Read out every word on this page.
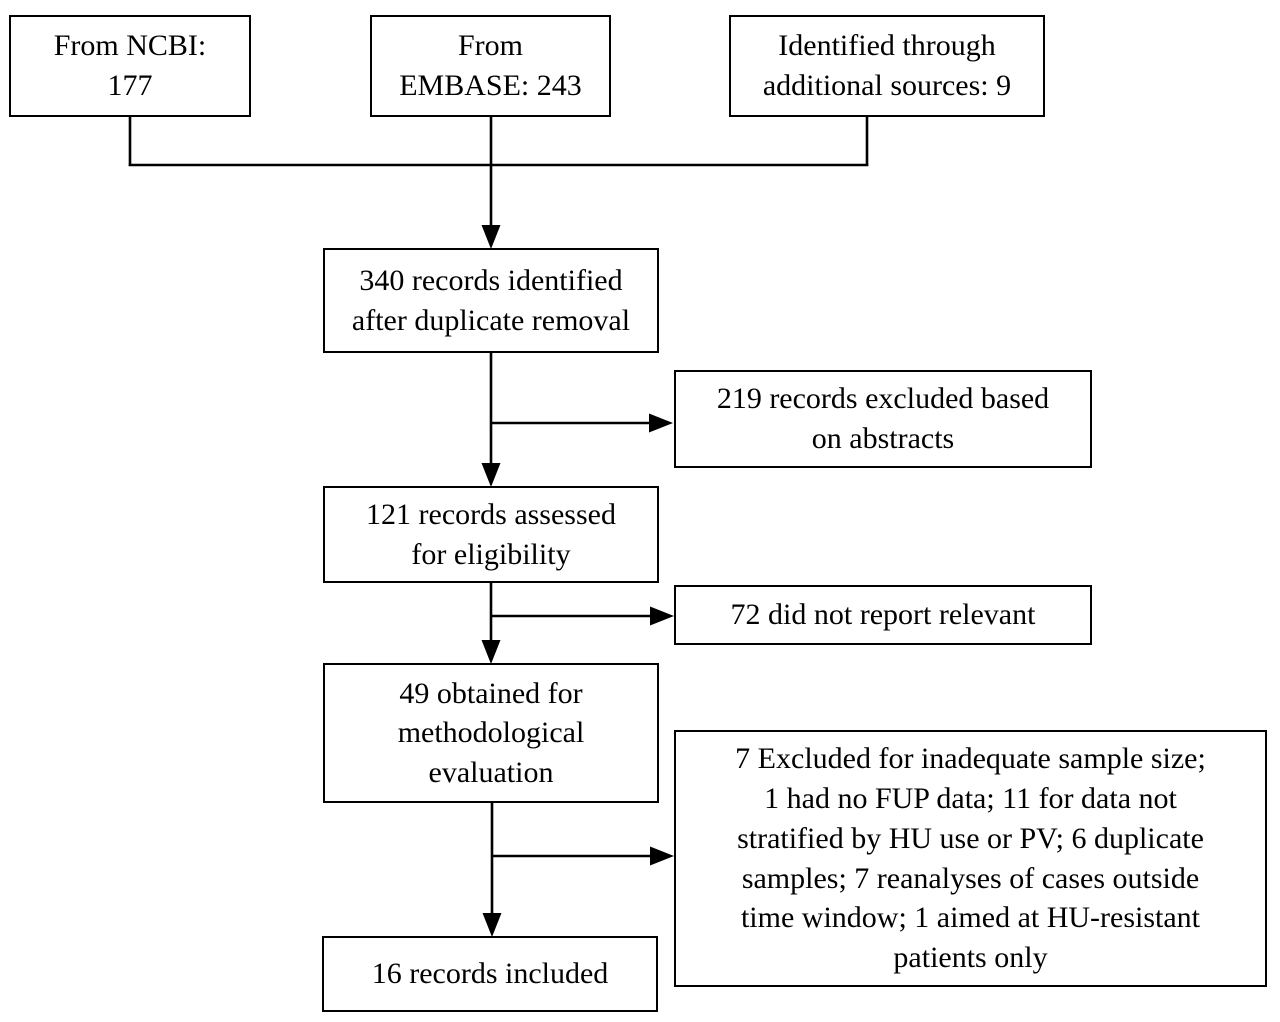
From NCBI:
177
From
EMBASE: 243
Identified through
additional sources: 9
340 records identified
after duplicate removal
219 records excluded based
on abstracts
121 records assessed
for eligibility
72 did not report relevant
49 obtained for
methodological
evaluation	7 Excluded for inadequate sample size;
1 had no FUP data; 11 for data not
stratified by HU use or PV; 6 duplicate
samples; 7 reanalyses of cases outside
time window; 1 aimed at HU-resistant
patients only
16 records included
